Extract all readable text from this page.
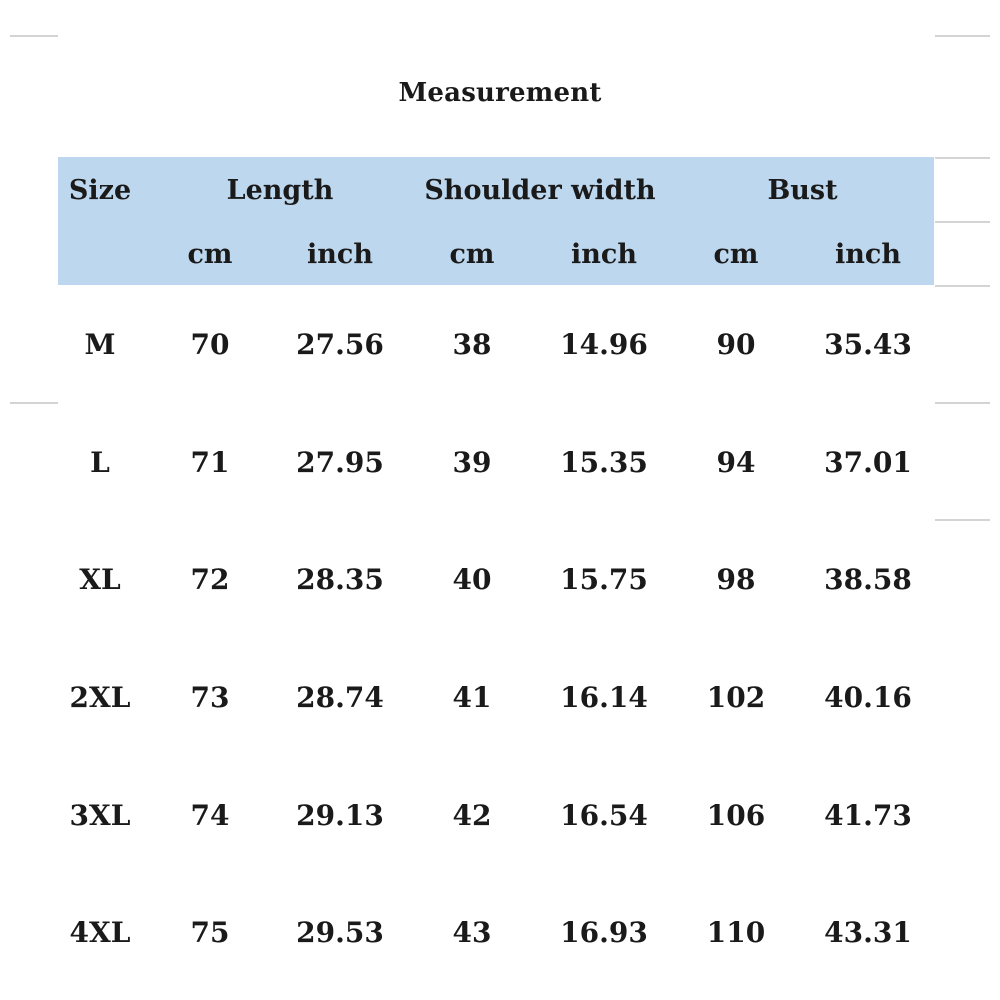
Measurement
Size	Length	Shoulder width	Bust
cm	inch	cm	inch	cm	inch
M	70	27.56	38	14.96	90	35.43
L	71	27.95	39	15.35	94	37.01
XL	72	28.35	40	15.75	98	38.58
2XL	73	28.74	41	16.14	102	40.16
3XL	74	29.13	42	16.54	106	41.73
4XL	75	29.53	43	16.93	110	43.31
